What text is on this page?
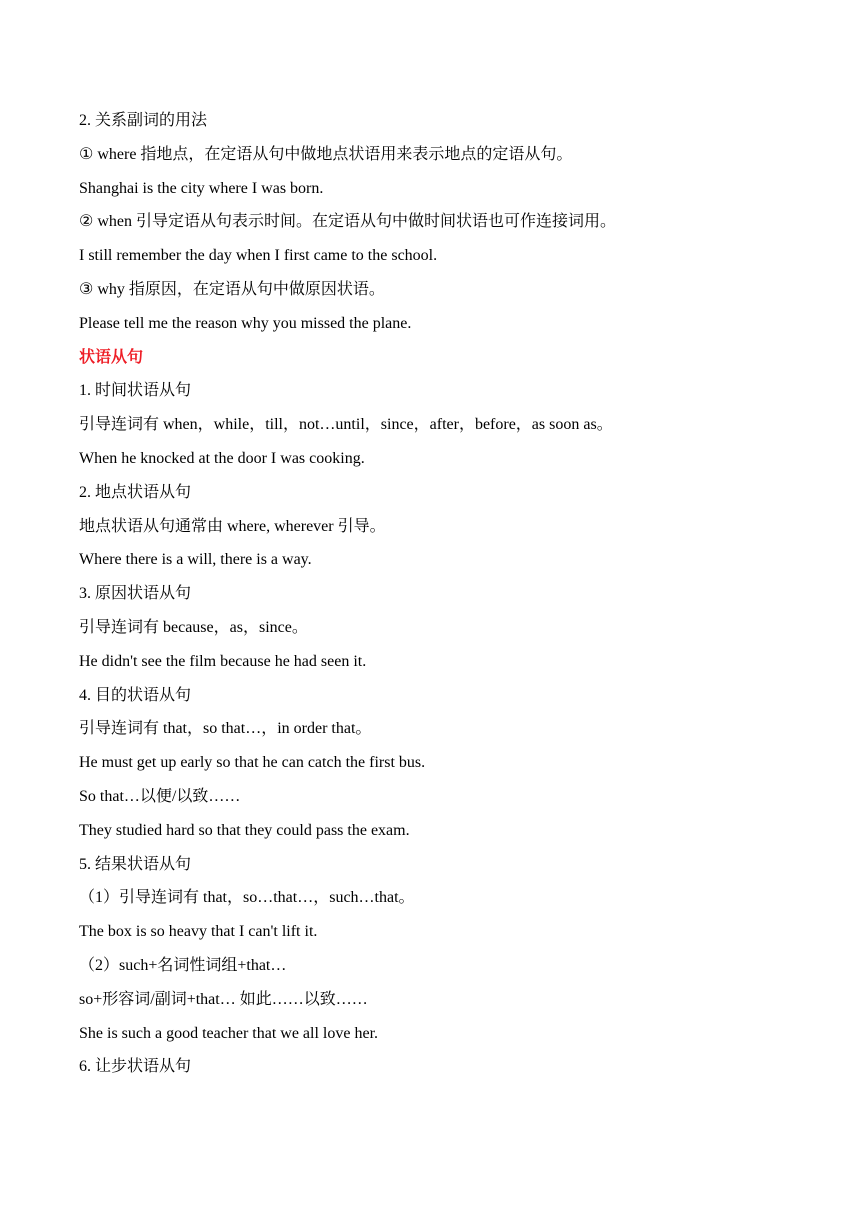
2. 关系副词的用法
① where 指地点，在定语从句中做地点状语用来表示地点的定语从句。
Shanghai is the city where I was born.
② when 引导定语从句表示时间。在定语从句中做时间状语也可作连接词用。
I still remember the day when I first came to the school.
③ why 指原因，在定语从句中做原因状语。
Please tell me the reason why you missed the plane.
状语从句
1. 时间状语从句
引导连词有 when，while，till，not…until，since，after，before，as soon as。
When he knocked at the door I was cooking.
2. 地点状语从句
地点状语从句通常由 where, wherever 引导。
Where there is a will, there is a way.
3. 原因状语从句
引导连词有 because，as，since。
He didn't see the film because he had seen it.
4. 目的状语从句
引导连词有 that，so that…，in order that。
He must get up early so that he can catch the first bus.
So that…以便/以致……
They studied hard so that they could pass the exam.
5. 结果状语从句
（1）引导连词有 that，so…that…，such…that。
The box is so heavy that I can't lift it.
（2）such+名词性词组+that…
so+形容词/副词+that… 如此……以致……
She is such a good teacher that we all love her.
6. 让步状语从句
